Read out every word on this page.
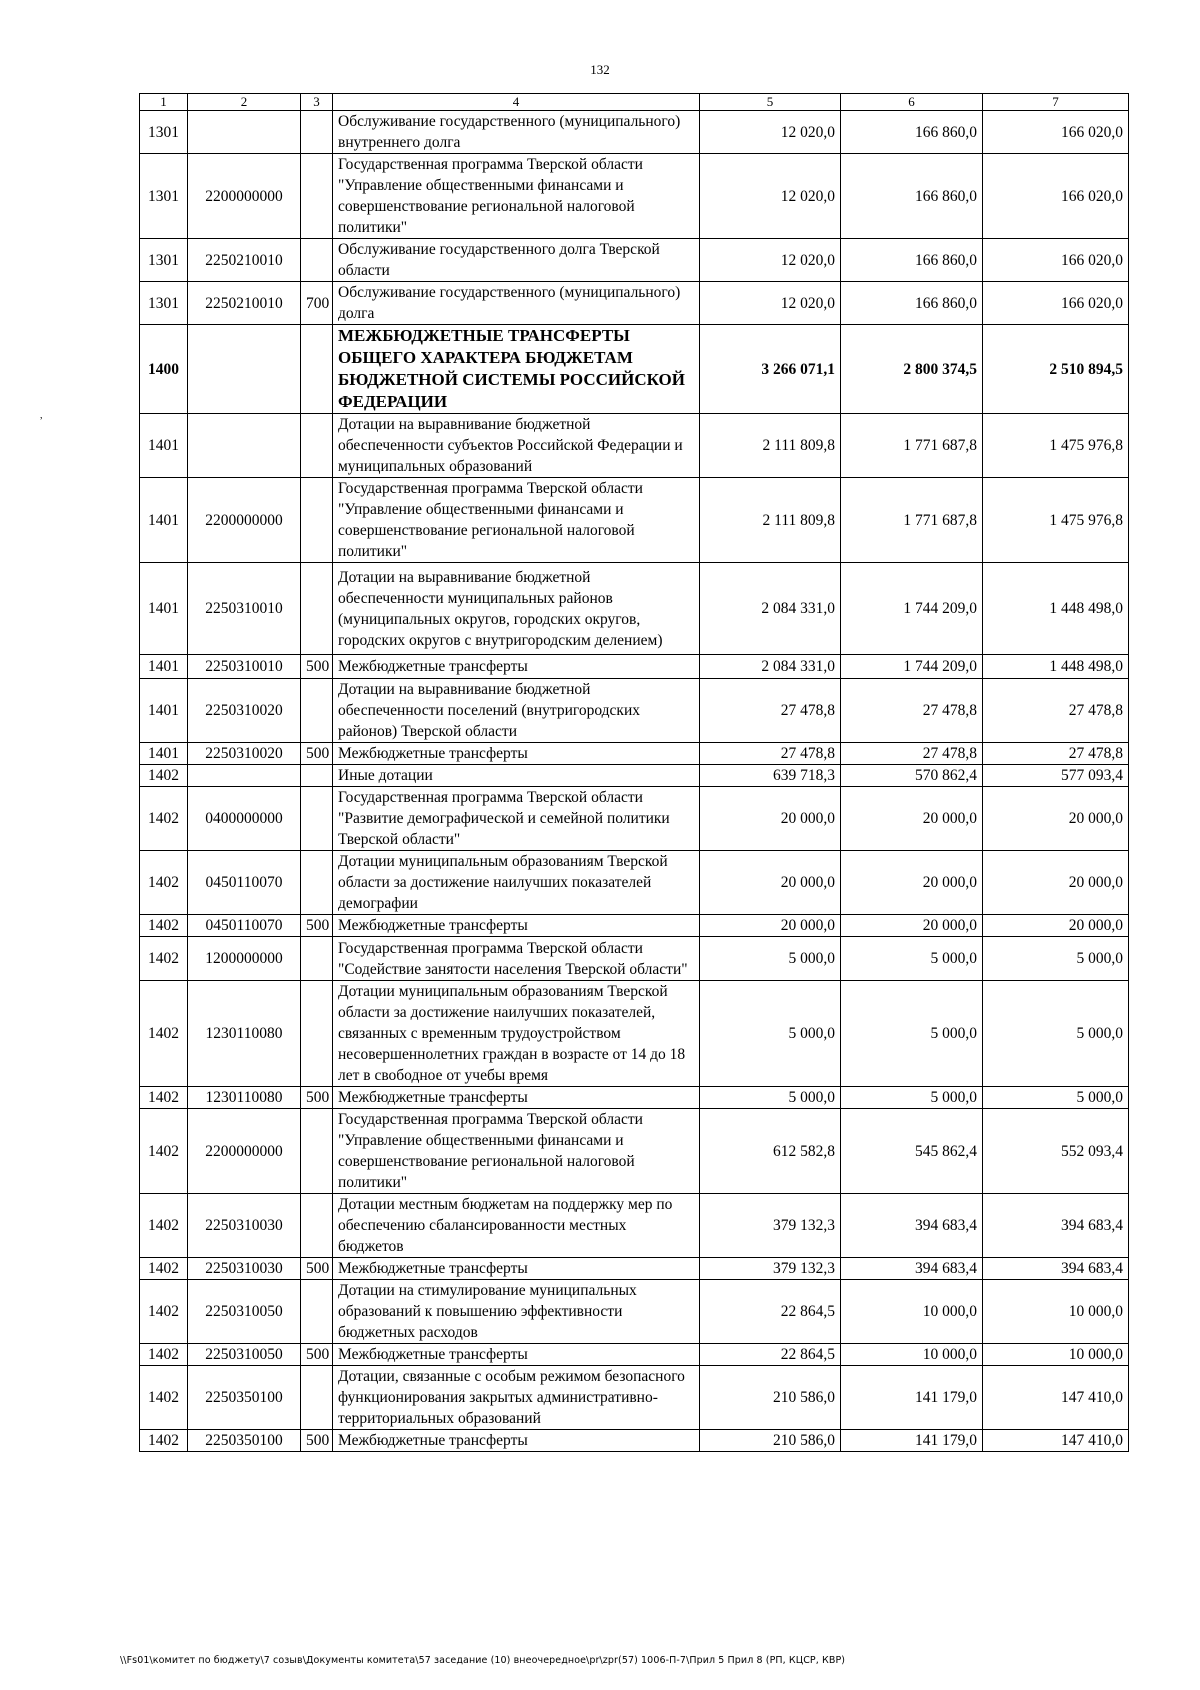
132
1	2	3	4	5	6	7
1301			Обслуживание государственного (муниципального) внутреннего долга	12 020,0	166 860,0	166 020,0
1301	2200000000		Государственная программа Тверской области "Управление общественными финансами и совершенствование региональной налоговой политики"	12 020,0	166 860,0	166 020,0
1301	2250210010		Обслуживание государственного долга Тверской области	12 020,0	166 860,0	166 020,0
1301	2250210010	700	Обслуживание государственного (муниципального) долга	12 020,0	166 860,0	166 020,0
1400			МЕЖБЮДЖЕТНЫЕ ТРАНСФЕРТЫ ОБЩЕГО ХАРАКТЕРА БЮДЖЕТАМ БЮДЖЕТНОЙ СИСТЕМЫ РОССИЙСКОЙ ФЕДЕРАЦИИ	3 266 071,1	2 800 374,5	2 510 894,5
1401			Дотации на выравнивание бюджетной обеспеченности субъектов Российской Федерации и муниципальных образований	2 111 809,8	1 771 687,8	1 475 976,8
1401	2200000000		Государственная программа Тверской области "Управление общественными финансами и совершенствование региональной налоговой политики"	2 111 809,8	1 771 687,8	1 475 976,8
1401	2250310010		Дотации на выравнивание бюджетной обеспеченности муниципальных районов (муниципальных округов, городских округов, городских округов с внутригородским делением)	2 084 331,0	1 744 209,0	1 448 498,0
1401	2250310010	500	Межбюджетные трансферты	2 084 331,0	1 744 209,0	1 448 498,0
1401	2250310020		Дотации на выравнивание бюджетной обеспеченности поселений (внутригородских районов) Тверской области	27 478,8	27 478,8	27 478,8
1401	2250310020	500	Межбюджетные трансферты	27 478,8	27 478,8	27 478,8
1402			Иные дотации	639 718,3	570 862,4	577 093,4
1402	0400000000		Государственная программа Тверской области "Развитие демографической и семейной политики Тверской области"	20 000,0	20 000,0	20 000,0
1402	0450110070		Дотации муниципальным образованиям Тверской области за достижение наилучших показателей демографии	20 000,0	20 000,0	20 000,0
1402	0450110070	500	Межбюджетные трансферты	20 000,0	20 000,0	20 000,0
1402	1200000000		Государственная программа Тверской области "Содействие занятости населения Тверской области"	5 000,0	5 000,0	5 000,0
1402	1230110080		Дотации муниципальным образованиям Тверской области за достижение наилучших показателей, связанных с временным трудоустройством несовершеннолетних граждан в возрасте от 14 до 18 лет в свободное от учебы время	5 000,0	5 000,0	5 000,0
1402	1230110080	500	Межбюджетные трансферты	5 000,0	5 000,0	5 000,0
1402	2200000000		Государственная программа Тверской области "Управление общественными финансами и совершенствование региональной налоговой политики"	612 582,8	545 862,4	552 093,4
1402	2250310030		Дотации местным бюджетам на поддержку мер по обеспечению сбалансированности местных бюджетов	379 132,3	394 683,4	394 683,4
1402	2250310030	500	Межбюджетные трансферты	379 132,3	394 683,4	394 683,4
1402	2250310050		Дотации на стимулирование муниципальных образований к повышению эффективности бюджетных расходов	22 864,5	10 000,0	10 000,0
1402	2250310050	500	Межбюджетные трансферты	22 864,5	10 000,0	10 000,0
1402	2250350100		Дотации, связанные с особым режимом безопасного функционирования закрытых административно-территориальных образований	210 586,0	141 179,0	147 410,0
1402	2250350100	500	Межбюджетные трансферты	210 586,0	141 179,0	147 410,0
,
\\Fs01\комитет по бюджету\7 созыв\Документы комитета\57 заседание (10) внеочередное\pr\zpr(57) 1006-П-7\Прил 5 Прил 8 (РП, КЦСР, КВР)
